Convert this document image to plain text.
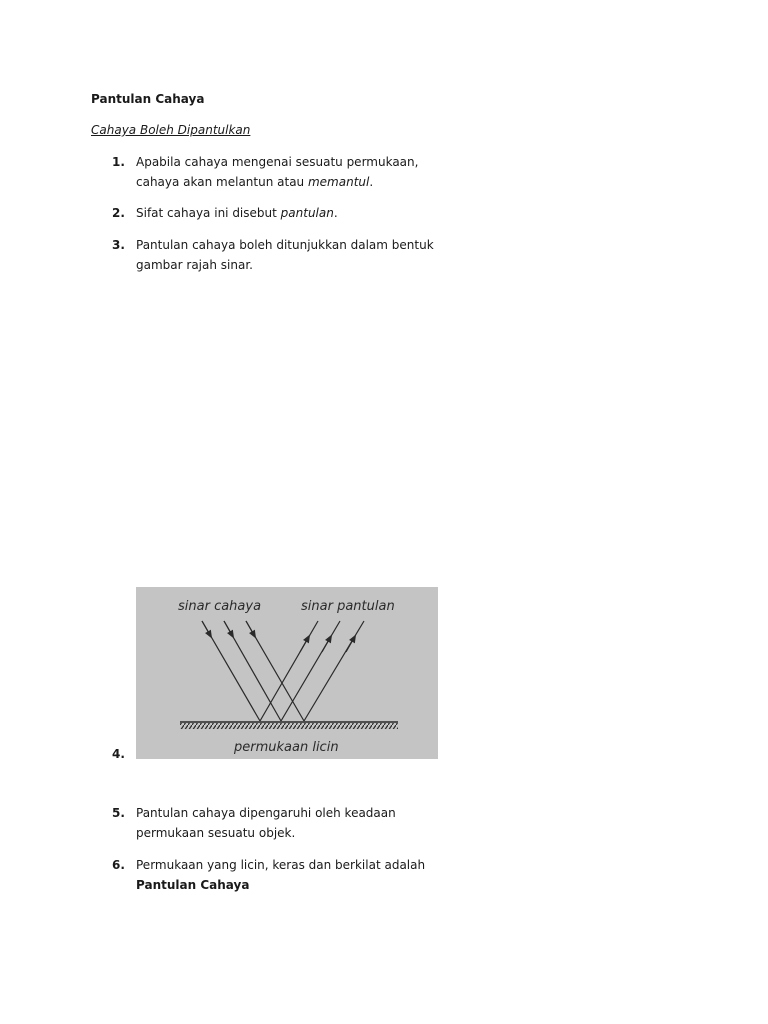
Pantulan Cahaya
Cahaya Boleh Dipantulkan
1. Apabila cahaya mengenai sesuatu permukaan,
cahaya akan melantun atau memantul.
2. Sifat cahaya ini disebut pantulan.
3. Pantulan cahaya boleh ditunjukkan dalam bentuk
gambar rajah sinar.
sinar cahaya	sinar pantulan
permukaan licin
4.
5. Pantulan cahaya dipengaruhi oleh keadaan
permukaan sesuatu objek.
6. Permukaan yang licin, keras dan berkilat adalah
Pantulan Cahaya
